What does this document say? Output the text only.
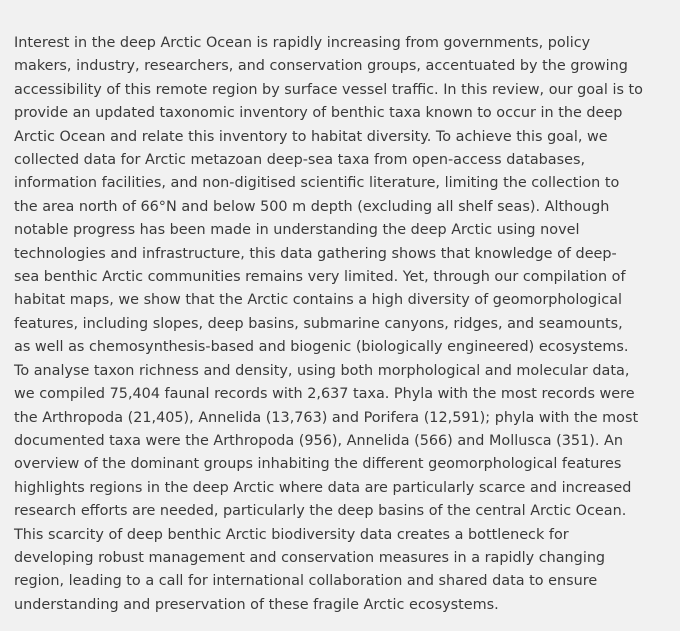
Interest in the deep Arctic Ocean is rapidly increasing from governments, policy
makers, industry, researchers, and conservation groups, accentuated by the growing
accessibility of this remote region by surface vessel traffic. In this review, our goal is to
provide an updated taxonomic inventory of benthic taxa known to occur in the deep
Arctic Ocean and relate this inventory to habitat diversity. To achieve this goal, we
collected data for Arctic metazoan deep-sea taxa from open-access databases,
information facilities, and non-digitised scientific literature, limiting the collection to
the area north of 66°N and below 500 m depth (excluding all shelf seas). Although
notable progress has been made in understanding the deep Arctic using novel
technologies and infrastructure, this data gathering shows that knowledge of deep-
sea benthic Arctic communities remains very limited. Yet, through our compilation of
habitat maps, we show that the Arctic contains a high diversity of geomorphological
features, including slopes, deep basins, submarine canyons, ridges, and seamounts,
as well as chemosynthesis-based and biogenic (biologically engineered) ecosystems.
To analyse taxon richness and density, using both morphological and molecular data,
we compiled 75,404 faunal records with 2,637 taxa. Phyla with the most records were
the Arthropoda (21,405), Annelida (13,763) and Porifera (12,591); phyla with the most
documented taxa were the Arthropoda (956), Annelida (566) and Mollusca (351). An
overview of the dominant groups inhabiting the different geomorphological features
highlights regions in the deep Arctic where data are particularly scarce and increased
research efforts are needed, particularly the deep basins of the central Arctic Ocean.
This scarcity of deep benthic Arctic biodiversity data creates a bottleneck for
developing robust management and conservation measures in a rapidly changing
region, leading to a call for international collaboration and shared data to ensure
understanding and preservation of these fragile Arctic ecosystems.
